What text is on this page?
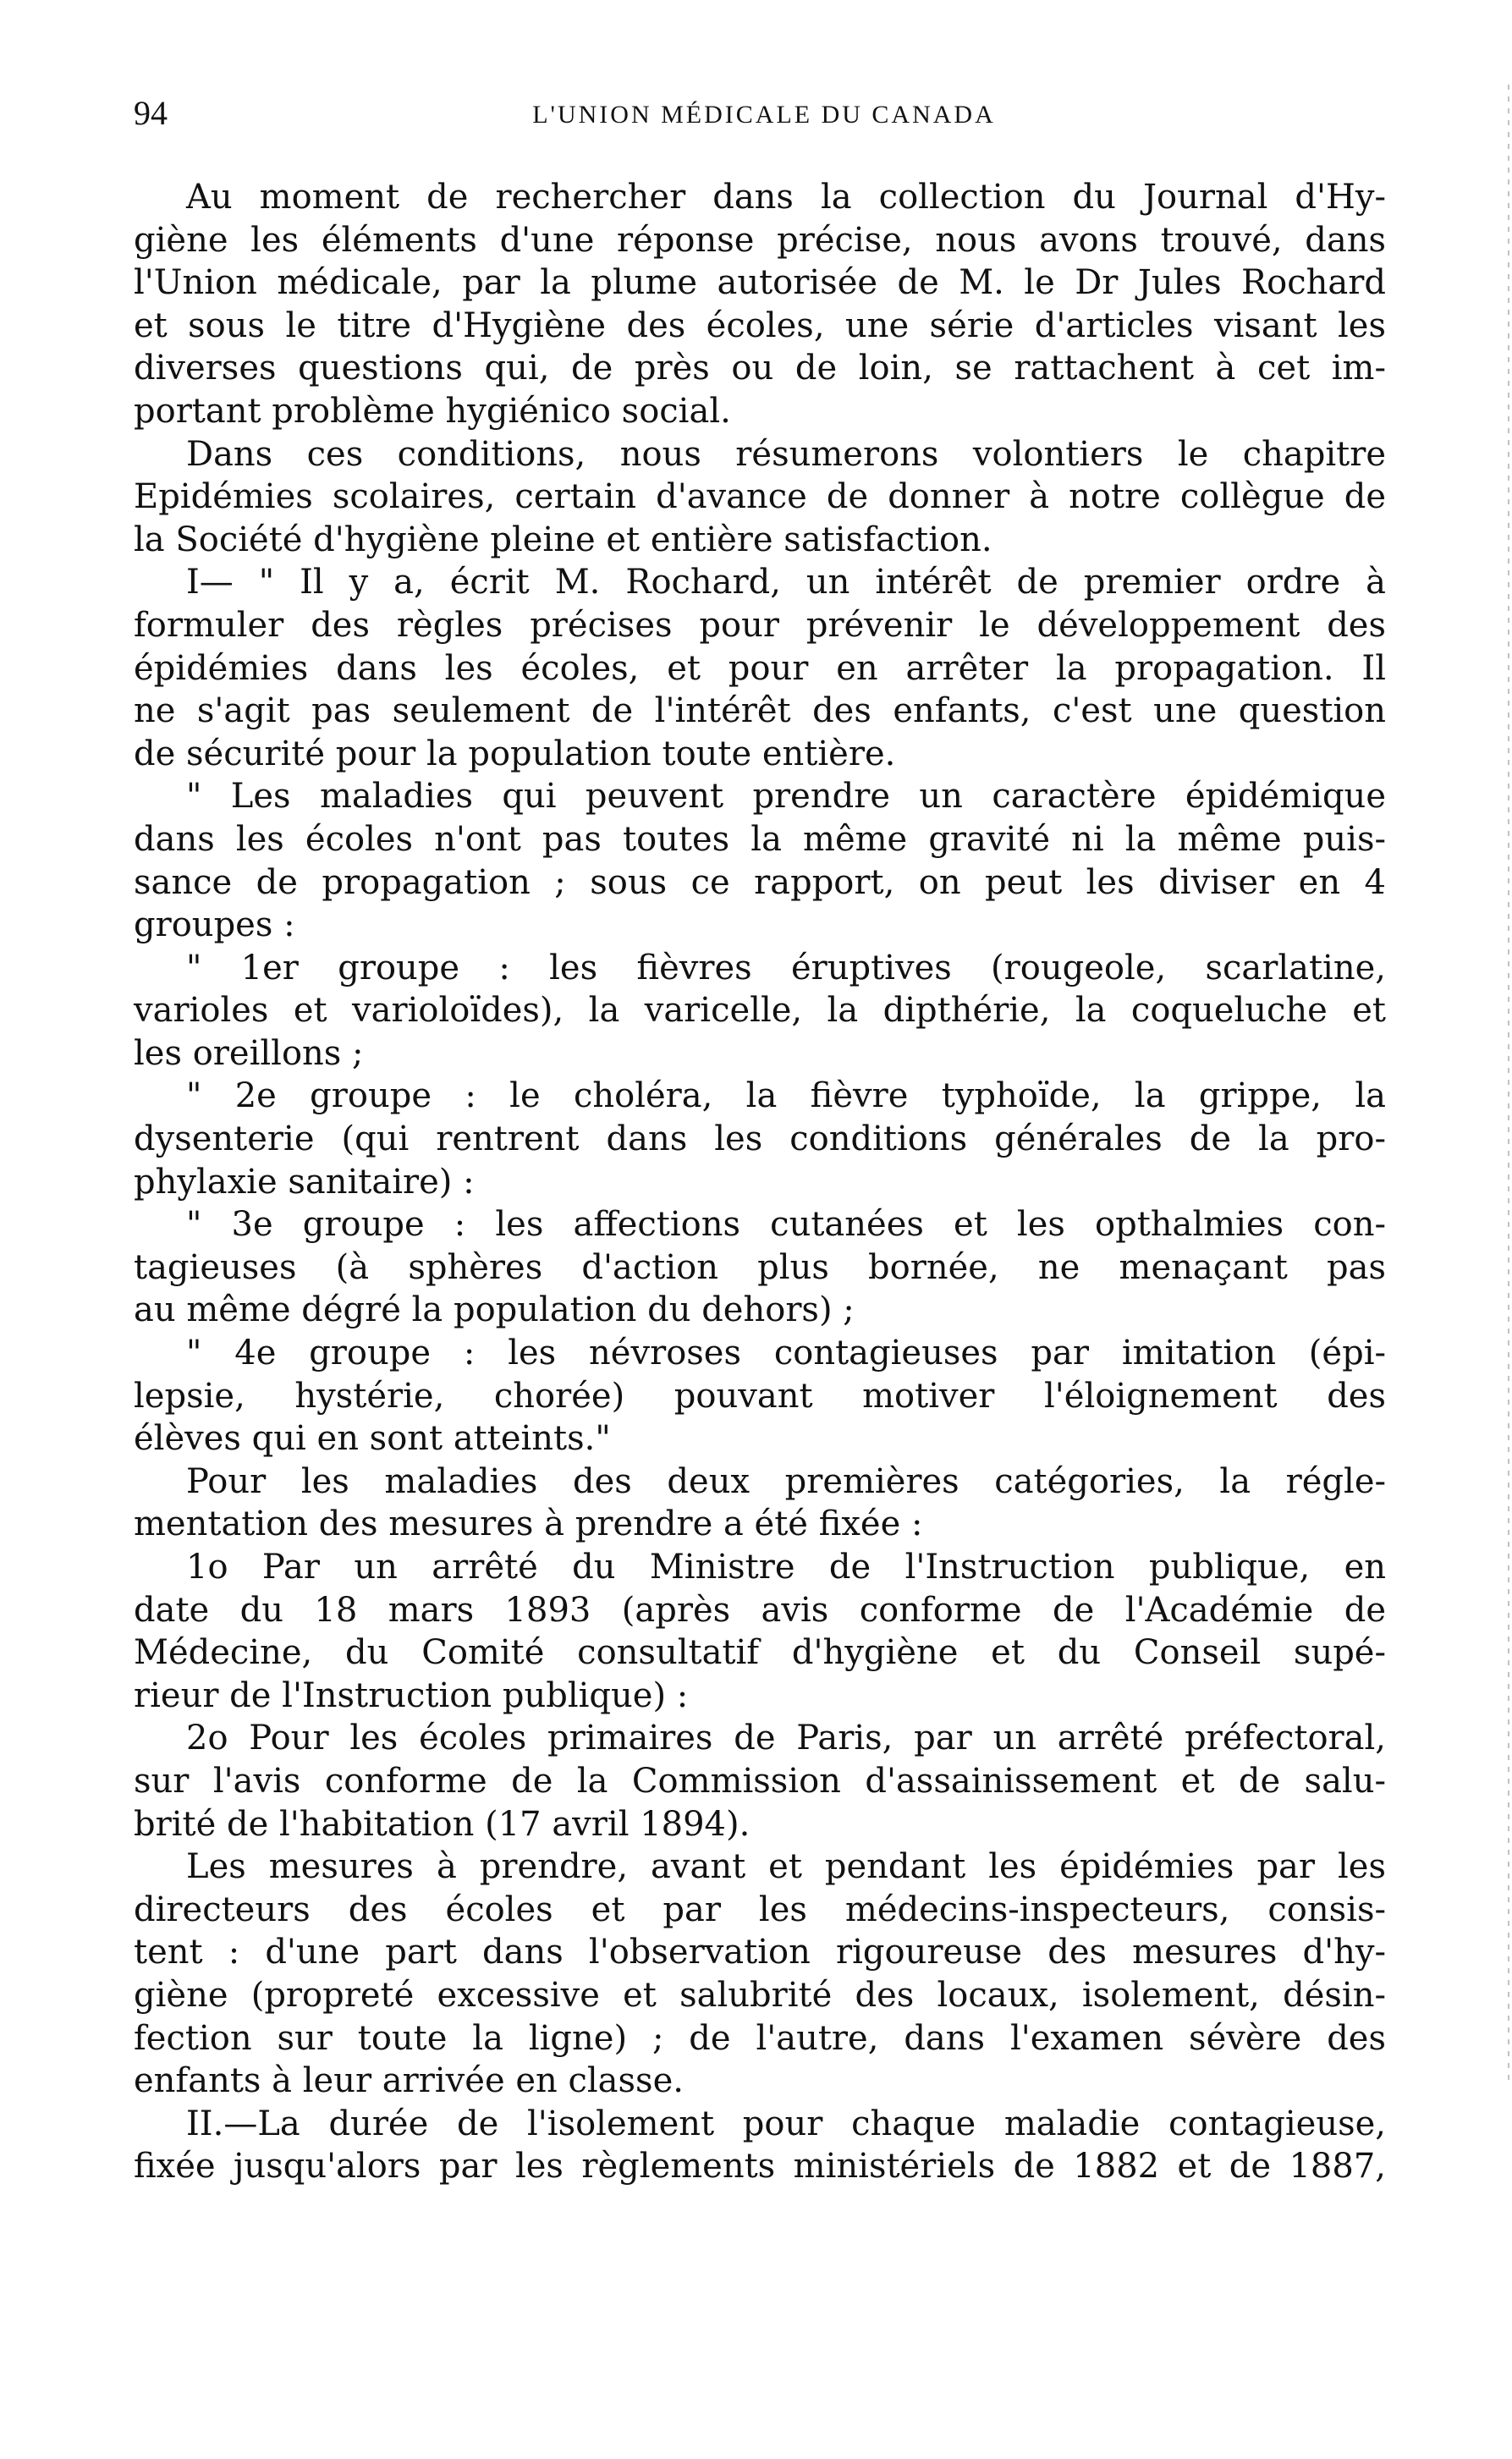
94	L'UNION MÉDICALE DU CANADA
Au moment de rechercher dans la collection du Journal d'Hy-
giène les éléments d'une réponse précise, nous avons trouvé, dans
l'Union médicale, par la plume autorisée de M. le Dr Jules Rochard
et sous le titre d'Hygiène des écoles, une série d'articles visant les
diverses questions qui, de près ou de loin, se rattachent à cet im-
portant problème hygiénico social.
Dans ces conditions, nous résumerons volontiers le chapitre
Epidémies scolaires, certain d'avance de donner à notre collègue de
la Société d'hygiène pleine et entière satisfaction.
I— " Il y a, écrit M. Rochard, un intérêt de premier ordre à
formuler des règles précises pour prévenir le développement des
épidémies dans les écoles, et pour en arrêter la propagation. Il
ne s'agit pas seulement de l'intérêt des enfants, c'est une question
de sécurité pour la population toute entière.
" Les maladies qui peuvent prendre un caractère épidémique
dans les écoles n'ont pas toutes la même gravité ni la même puis-
sance de propagation ; sous ce rapport, on peut les diviser en 4
groupes :
" 1er groupe : les fièvres éruptives (rougeole, scarlatine,
varioles et varioloïdes), la varicelle, la dipthérie, la coqueluche et
les oreillons ;
" 2e groupe : le choléra, la fièvre typhoïde, la grippe, la
dysenterie (qui rentrent dans les conditions générales de la pro-
phylaxie sanitaire) :
" 3e groupe : les affections cutanées et les opthalmies con-
tagieuses (à sphères d'action plus bornée, ne menaçant pas
au même dégré la population du dehors) ;
" 4e groupe : les névroses contagieuses par imitation (épi-
lepsie, hystérie, chorée) pouvant motiver l'éloignement des
élèves qui en sont atteints."
Pour les maladies des deux premières catégories, la régle-
mentation des mesures à prendre a été fixée :
1o Par un arrêté du Ministre de l'Instruction publique, en
date du 18 mars 1893 (après avis conforme de l'Académie de
Médecine, du Comité consultatif d'hygiène et du Conseil supé-
rieur de l'Instruction publique) :
2o Pour les écoles primaires de Paris, par un arrêté préfectoral,
sur l'avis conforme de la Commission d'assainissement et de salu-
brité de l'habitation (17 avril 1894).
Les mesures à prendre, avant et pendant les épidémies par les
directeurs des écoles et par les médecins-inspecteurs, consis-
tent : d'une part dans l'observation rigoureuse des mesures d'hy-
giène (propreté excessive et salubrité des locaux, isolement, désin-
fection sur toute la ligne) ; de l'autre, dans l'examen sévère des
enfants à leur arrivée en classe.
II.—La durée de l'isolement pour chaque maladie contagieuse,
fixée jusqu'alors par les règlements ministériels de 1882 et de 1887,
